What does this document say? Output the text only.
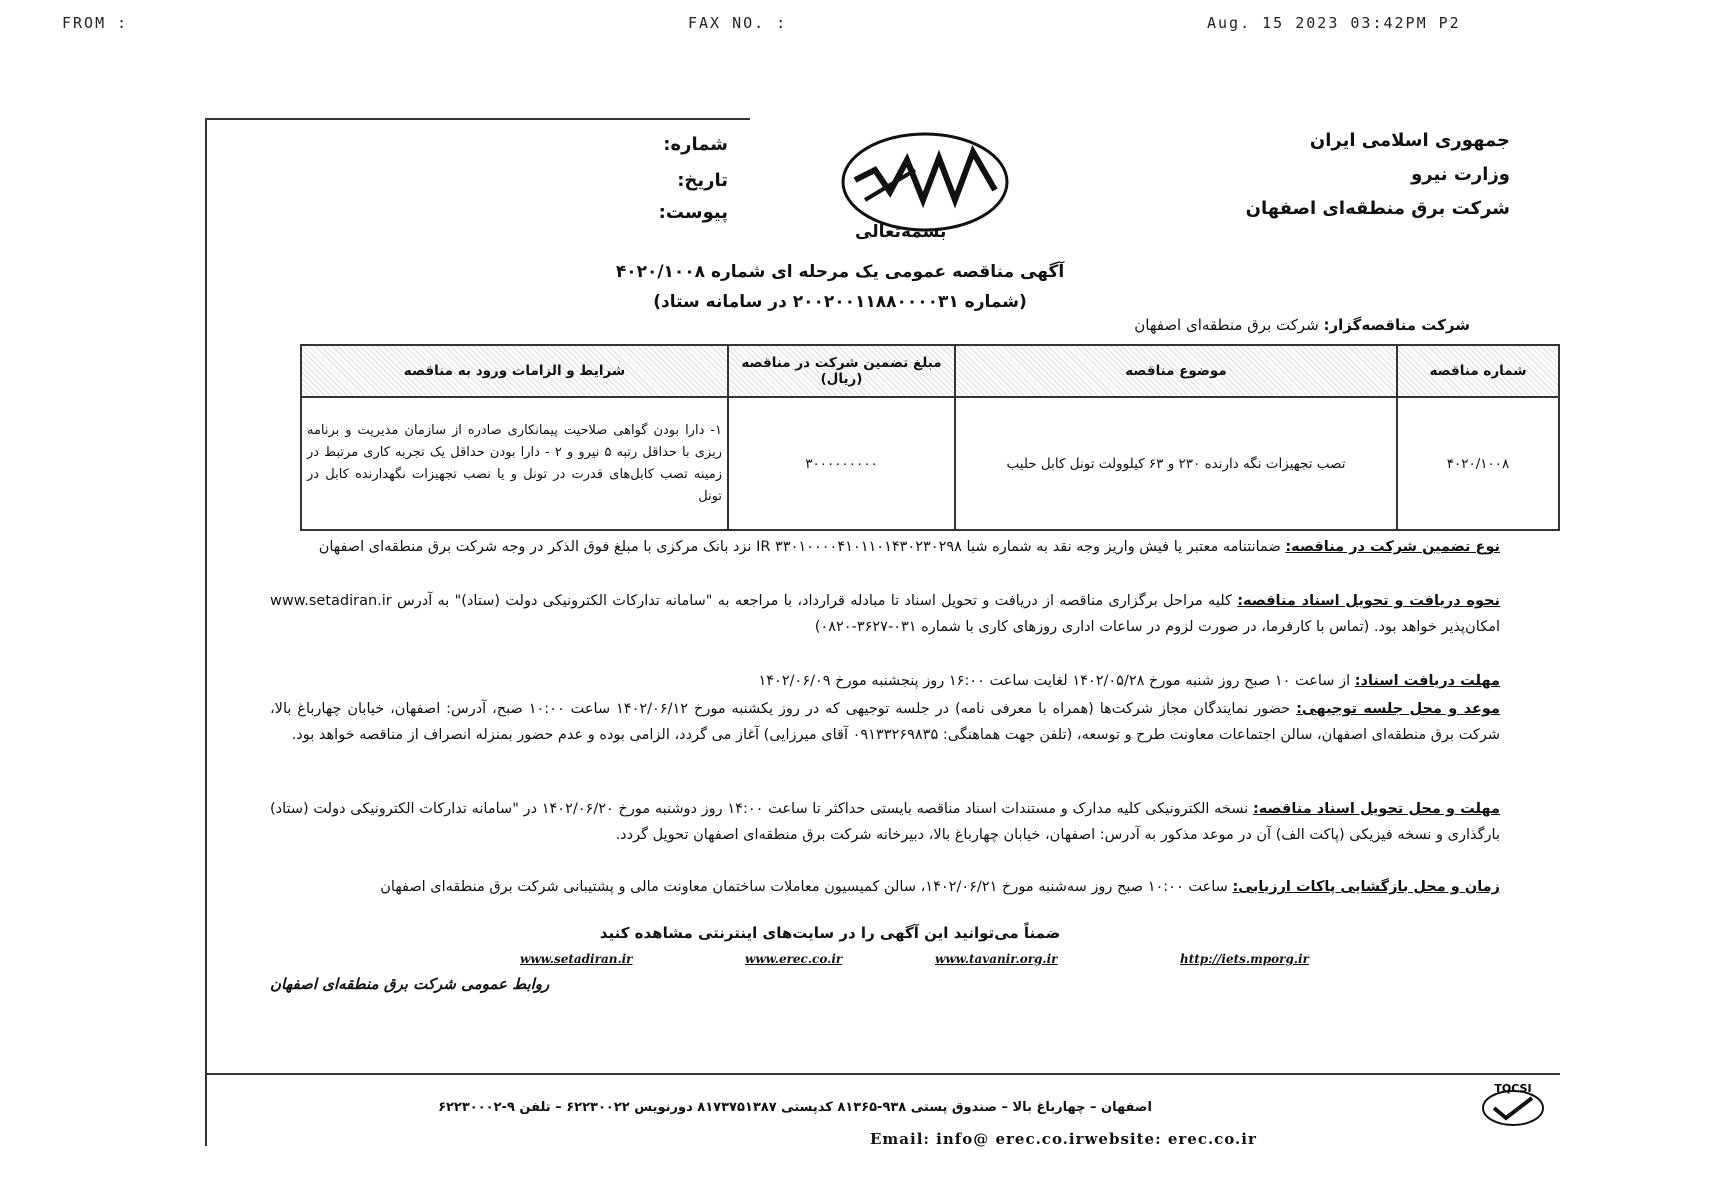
FROM :	FAX NO. :	Aug. 15 2023 03:42PM P2
جمهوری اسلامی ایران
وزارت نیرو
شرکت برق منطقه‌ای اصفهان
شماره:
تاریخ:
پیوست:
بسمه‌تعالی
آگهی مناقصه عمومی یک مرحله ای شماره ۴۰۲۰/۱۰۰۸
(شماره ۲۰۰۲۰۰۱۱۸۸۰۰۰۰۳۱ در سامانه ستاد)
شرکت مناقصه‌گزار: شرکت برق منطقه‌ای اصفهان
شماره مناقصه	موضوع مناقصه	مبلغ تضمین شرکت در مناقصه (ریال)	شرایط و الزامات ورود به مناقصه
۴۰۲۰/۱۰۰۸	تصب تجهیزات نگه دارنده ۲۳۰ و ۶۳ کیلوولت تونل کابل حلیب	۳۰۰۰۰۰۰۰۰۰	۱- دارا بودن گواهی صلاحیت پیمانکاری صادره از سازمان مدیریت و برنامه ریزی با حداقل رتبه ۵ نیرو و ۲ - دارا بودن حداقل یک تجربه کاری مرتبط در زمینه تصب کابل‌های قدرت در تونل و یا نصب تجهیزات نگهدارنده کابل در تونل
نوع تضمین شرکت در مناقصه: ضمانتنامه معتبر یا فیش واریز وجه نقد به شماره شبا IR ۳۳۰۱۰۰۰۰۴۱۰۱۱۰۱۴۳۰۲۳۰۲۹۸ نزد بانک مرکزی با مبلغ فوق الذکر در وجه شرکت برق منطقه‌ای اصفهان
نحوه دریافت و تحویل اسناد مناقصه: کلیه مراحل برگزاری مناقصه از دریافت و تحویل اسناد تا مبادله قرارداد، با مراجعه به "سامانه تدارکات الکترونیکی دولت (ستاد)" به آدرس www.setadiran.ir امکان‌پذیر خواهد بود. (تماس با کارفرما، در صورت لزوم در ساعات اداری روزهای کاری با شماره ۰۳۱-۳۶۲۷-۰۸۲۰)
مهلت دریافت اسناد: از ساعت ۱۰ صبح روز شنبه مورخ ۱۴۰۲/۰۵/۲۸ لغایت ساعت ۱۶:۰۰ روز پنجشنبه مورخ ۱۴۰۲/۰۶/۰۹
موعد و محل جلسه توجیهی: حضور نمایندگان مجاز شرکت‌ها (همراه با معرفی نامه) در جلسه توجیهی که در روز یکشنبه مورخ ۱۴۰۲/۰۶/۱۲ ساعت ۱۰:۰۰ صبح، آدرس: اصفهان، خیابان چهارباغ بالا، شرکت برق منطقه‌ای اصفهان، سالن اجتماعات معاونت طرح و توسعه، (تلفن جهت هماهنگی: ۰۹۱۳۳۲۶۹۸۳۵ آقای میرزایی) آغاز می گردد، الزامی بوده و عدم حضور بمنزله انصراف از مناقصه خواهد بود.
مهلت و محل تحویل اسناد مناقصه: نسخه الکترونیکی کلیه مدارک و مستندات اسناد مناقصه بایستی حداکثر تا ساعت ۱۴:۰۰ روز دوشنبه مورخ ۱۴۰۲/۰۶/۲۰ در "سامانه تدارکات الکترونیکی دولت (ستاد) بارگذاری و نسخه فیزیکی (پاکت الف) آن در موعد مذکور به آدرس: اصفهان، خیابان چهارباغ بالا، دبیرخانه شرکت برق منطقه‌ای اصفهان تحویل گردد.
زمان و محل بازگشایی پاکات ارزیابی: ساعت ۱۰:۰۰ صبح روز سه‌شنبه مورخ ۱۴۰۲/۰۶/۲۱، سالن کمیسیون معاملات ساختمان معاونت مالی و پشتیبانی شرکت برق منطقه‌ای اصفهان
ضمناً می‌توانید این آگهی را در سایت‌های اینترنتی مشاهده کنید
www.setadiran.ir	www.erec.co.ir	www.tavanir.org.ir	http://iets.mporg.ir
روابط عمومی شرکت برق منطقه‌ای اصفهان
TQCSI
اصفهان – چهارباغ بالا – صندوق پستی ۹۳۸-۸۱۳۶۵ کدپستی ۸۱۷۳۷۵۱۳۸۷ دورنویس ۶۲۲۳۰۰۲۲ – تلفن ۹-۶۲۲۳۰۰۰۲
Email: info@ erec.co.irwebsite: erec.co.ir
